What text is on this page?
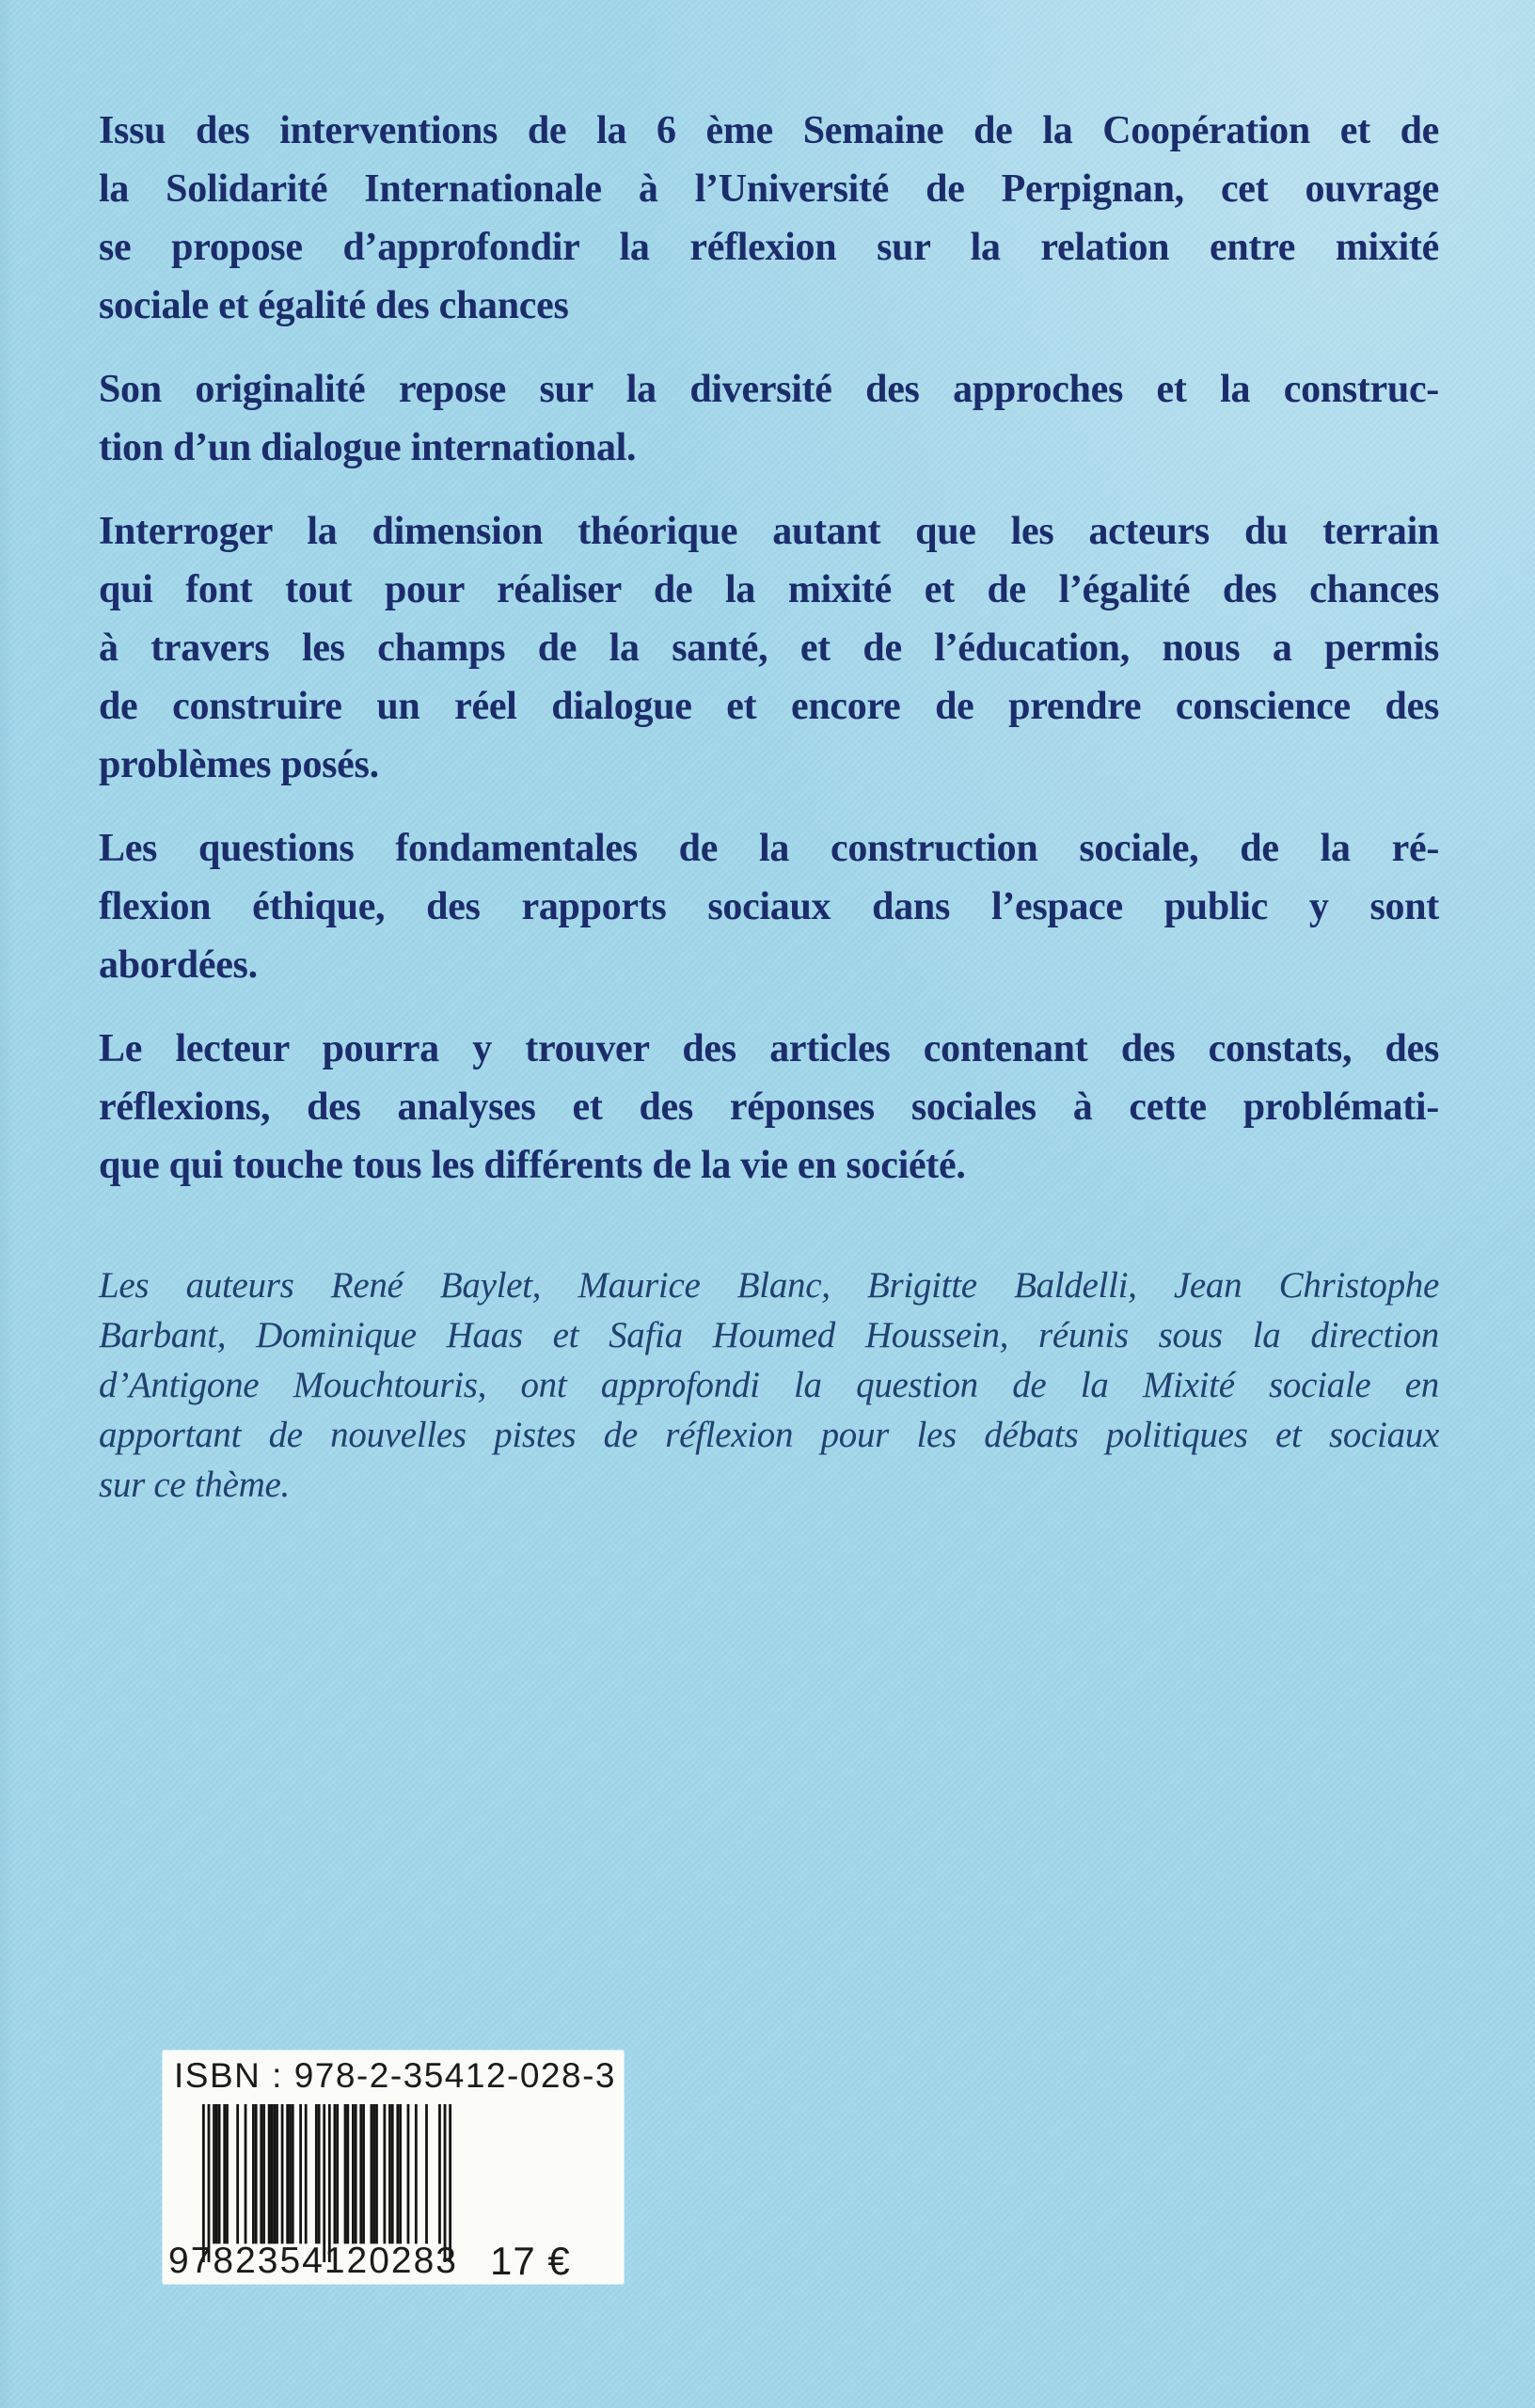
Issu des interventions de la 6 ème Semaine de la Coopération et de
la Solidarité Internationale à l’Université de Perpignan, cet ouvrage
se propose d’approfondir la réflexion sur la relation entre mixité
sociale et égalité des chances
Son originalité repose sur la diversité des approches et la construc-
tion d’un dialogue international.
Interroger la dimension théorique autant que les acteurs du terrain
qui font tout pour réaliser de la mixité et de l’égalité des chances
à travers les champs de la santé, et de l’éducation, nous a permis
de construire un réel dialogue et encore de prendre conscience des
problèmes posés.
Les questions fondamentales de la construction sociale, de la ré-
flexion éthique, des rapports sociaux dans l’espace public y sont
abordées.
Le lecteur pourra y trouver des articles contenant des constats, des
réflexions, des analyses et des réponses sociales à cette problémati-
que qui touche tous les différents de la vie en société.
Les auteurs René Baylet, Maurice Blanc, Brigitte Baldelli, Jean Christophe
Barbant, Dominique Haas et Safia Houmed Houssein, réunis sous la direction
d’Antigone Mouchtouris, ont approfondi la question de la Mixité sociale en
apportant de nouvelles pistes de réflexion pour les débats politiques et sociaux
sur ce thème.
ISBN : 978-2-35412-028-3
9 782354 120283 17 €
